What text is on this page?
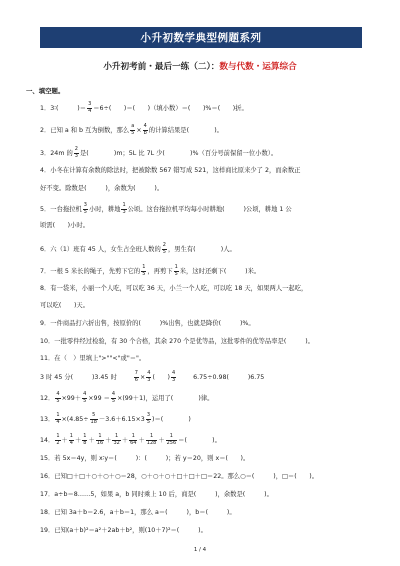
小升初数学典型例题系列
小升初考前・最后一练（二）：数与代数・运算综合
一、填空题。
1．3∶(　　　)＝ $\frac{3}{4} =6\div$(　　)＝(　　)（填小数）＝(　　)%＝(　　)折。
2．已知 a 和 b 互为倒数，那么 $\frac{a}{5} \times \frac{4}{b}$ 的计算结果是(　　　　)。
3．24m 的 $\frac{2}{3}$ 是(　　　　)m；5L 比 7L 少(　　　　)%（百分号前保留一位小数）。
4．小冬在计算有余数的除法时，把被除数 567 错写成 521，这样商比原来少了 2，而余数正
好不变。除数是(　　　)，余数为(　　　)。
5．一台拖拉机 $\frac{3}{5}$ 小时，耕地 $\frac{1}{3}$ 公顷。这台拖拉机平均每小时耕地(　　　)公顷，耕地 1 公
顷需(　　)小时。
6．六（1）班有 45 人，女生占全班人数的 $\frac{2}{5}$ ，男生有(　　　　)人。
7．一根 5 米长的绳子，先剪下它的 $\frac{1}{5}$ ，再剪下 $\frac{1}{5}$ 米，这时还剩下(　　　)米。
8．有一袋米，小丽一个人吃，可以吃 36 天，小兰一个人吃，可以吃 18 天，如果两人一起吃，
可以吃(　　)天。
9．一件商品打六折出售，按原价的(　　　)%出售，也就是降价(　　　)%。
10．一批零件经过检验，有 30 个合格，其余 270 个是优等品，这批零件的优等品率是(　　　)。
11．在（　）里填上">""<"或"＝"。
3 时 45 分(　　　)3.45 时	$\frac{7}{6} \times \frac{4}{3}$ (　　) $\frac{4}{3}$	6.75÷0.98(　　　)6.75
12． $\frac{4}{5} \times 99+ \frac{4}{5} \times 99 = \frac{4}{5} \times(99+1)$，运用了(　　　　)律。
13． $\frac{1}{4} \times(4.85\div \frac{5}{18} -3.6+6.15\times 3 \frac{3}{5}$ )＝(　　　　)
14． $\frac{1}{2} + \frac{1}{4} + \frac{1}{8} + \frac{1}{16} + \frac{1}{32} + \frac{1}{64} + \frac{1}{128} + \frac{1}{256}$ ＝(　　　　)。
15．若 5x＝4y，则 x∶y＝(　　　)：(　　　)；若 y＝20，则 x＝(　　)。
16．已知□＋□＋○＋○＋○＝28，○＋○＋○＋□＋□＋□＝22。那么○＝(　　　)，□＝(　　)。
17．a÷b＝8……5，如果 a，b 同时乘上 10 后，商是(　　　)，余数是(　　　)。
18．已知 3a＋b＝2.6，a＋b＝1，那么 a＝(　　　)，b＝(　　　)。
19．已知(a＋b)²＝a²＋2ab＋b²，则(10＋7)²＝(　　　)。
1 / 4
